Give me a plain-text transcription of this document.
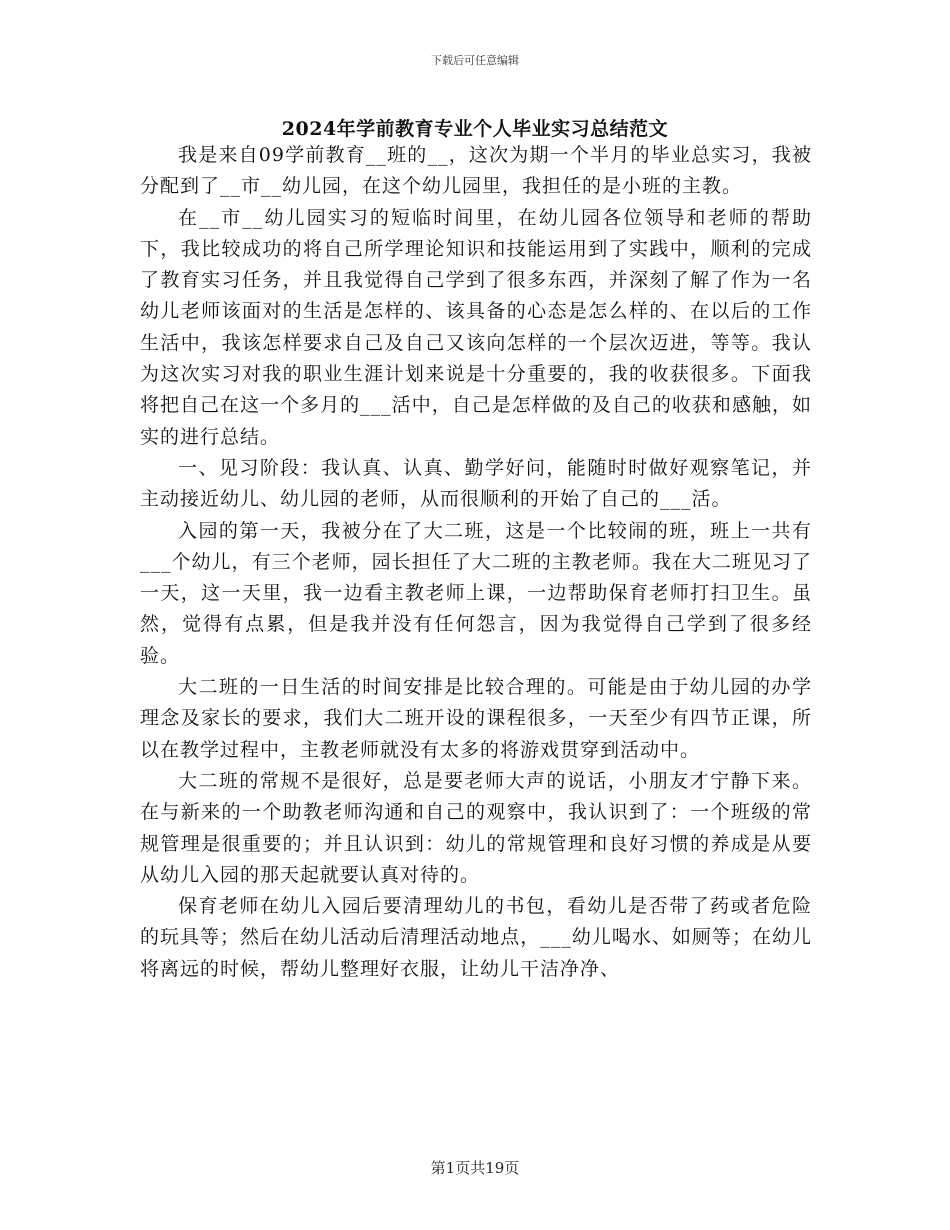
下载后可任意编辑
2024年学前教育专业个人毕业实习总结范文

我是来自09学前教育__班的__，这次为期一个半月的毕业总实习，我被分配到了__市__幼儿园，在这个幼儿园里，我担任的是小班的主教。

在__市__幼儿园实习的短临时间里，在幼儿园各位领导和老师的帮助下，我比较成功的将自己所学理论知识和技能运用到了实践中，顺利的完成了教育实习任务，并且我觉得自己学到了很多东西，并深刻了解了作为一名幼儿老师该面对的生活是怎样的、该具备的心态是怎么样的、在以后的工作生活中，我该怎样要求自己及自己又该向怎样的一个层次迈进，等等。我认为这次实习对我的职业生涯计划来说是十分重要的，我的收获很多。下面我将把自己在这一个多月的___活中，自己是怎样做的及自己的收获和感触，如实的进行总结。

一、见习阶段：我认真、认真、勤学好问，能随时时做好观察笔记，并主动接近幼儿、幼儿园的老师，从而很顺利的开始了自己的___活。

入园的第一天，我被分在了大二班，这是一个比较闹的班，班上一共有___个幼儿，有三个老师，园长担任了大二班的主教老师。我在大二班见习了一天，这一天里，我一边看主教老师上课，一边帮助保育老师打扫卫生。虽然，觉得有点累，但是我并没有任何怨言，因为我觉得自己学到了很多经验。

大二班的一日生活的时间安排是比较合理的。可能是由于幼儿园的办学理念及家长的要求，我们大二班开设的课程很多，一天至少有四节正课，所以在教学过程中，主教老师就没有太多的将游戏贯穿到活动中。

大二班的常规不是很好，总是要老师大声的说话，小朋友才宁静下来。在与新来的一个助教老师沟通和自己的观察中，我认识到了：一个班级的常规管理是很重要的；并且认识到：幼儿的常规管理和良好习惯的养成是从要从幼儿入园的那天起就要认真对待的。

保育老师在幼儿入园后要清理幼儿的书包，看幼儿是否带了药或者危险的玩具等；然后在幼儿活动后清理活动地点，___幼儿喝水、如厕等；在幼儿将离远的时候，帮幼儿整理好衣服，让幼儿干洁净净、

第1页共19页
